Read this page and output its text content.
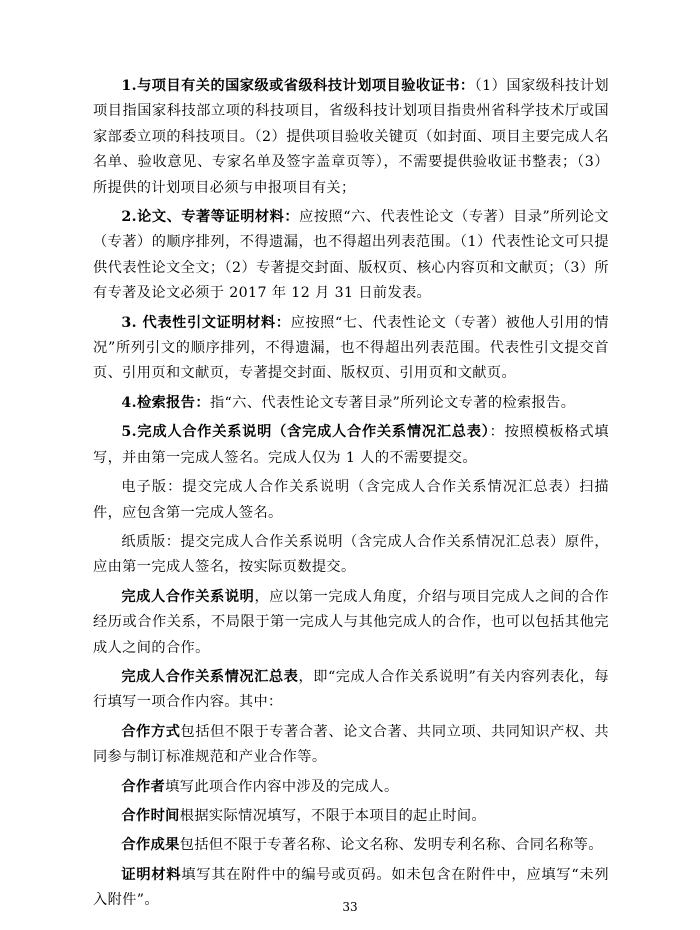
1.与项目有关的国家级或省级科技计划项目验收证书：（1）国家级科技计划项目指国家科技部立项的科技项目，省级科技计划项目指贵州省科学技术厅或国家部委立项的科技项目。（2）提供项目验收关键页（如封面、项目主要完成人名名单、验收意见、专家名单及签字盖章页等），不需要提供验收证书整表；（3）所提供的计划项目必须与申报项目有关；

2.论文、专著等证明材料：应按照“六、代表性论文（专著）目录”所列论文（专著）的顺序排列，不得遗漏，也不得超出列表范围。（1）代表性论文可只提供代表性论文全文；（2）专著提交封面、版权页、核心内容页和文献页；（3）所有专著及论文必须于 2017 年 12 月 31 日前发表。

3. 代表性引文证明材料：应按照“七、代表性论文（专著）被他人引用的情况”所列引文的顺序排列，不得遗漏，也不得超出列表范围。代表性引文提交首页、引用页和文献页，专著提交封面、版权页、引用页和文献页。

4.检索报告：指“六、代表性论文专著目录”所列论文专著的检索报告。

5.完成人合作关系说明（含完成人合作关系情况汇总表）：按照模板格式填写，并由第一完成人签名。完成人仅为 1 人的不需要提交。

电子版：提交完成人合作关系说明（含完成人合作关系情况汇总表）扫描件，应包含第一完成人签名。

纸质版：提交完成人合作关系说明（含完成人合作关系情况汇总表）原件，应由第一完成人签名，按实际页数提交。

完成人合作关系说明，应以第一完成人角度，介绍与项目完成人之间的合作经历或合作关系，不局限于第一完成人与其他完成人的合作，也可以包括其他完成人之间的合作。

完成人合作关系情况汇总表，即“完成人合作关系说明”有关内容列表化，每行填写一项合作内容。其中：

合作方式包括但不限于专著合著、论文合著、共同立项、共同知识产权、共同参与制订标准规范和产业合作等。

合作者填写此项合作内容中涉及的完成人。

合作时间根据实际情况填写，不限于本项目的起止时间。

合作成果包括但不限于专著名称、论文名称、发明专利名称、合同名称等。

证明材料填写其在附件中的编号或页码。如未包含在附件中，应填写“未列入附件”。	33
